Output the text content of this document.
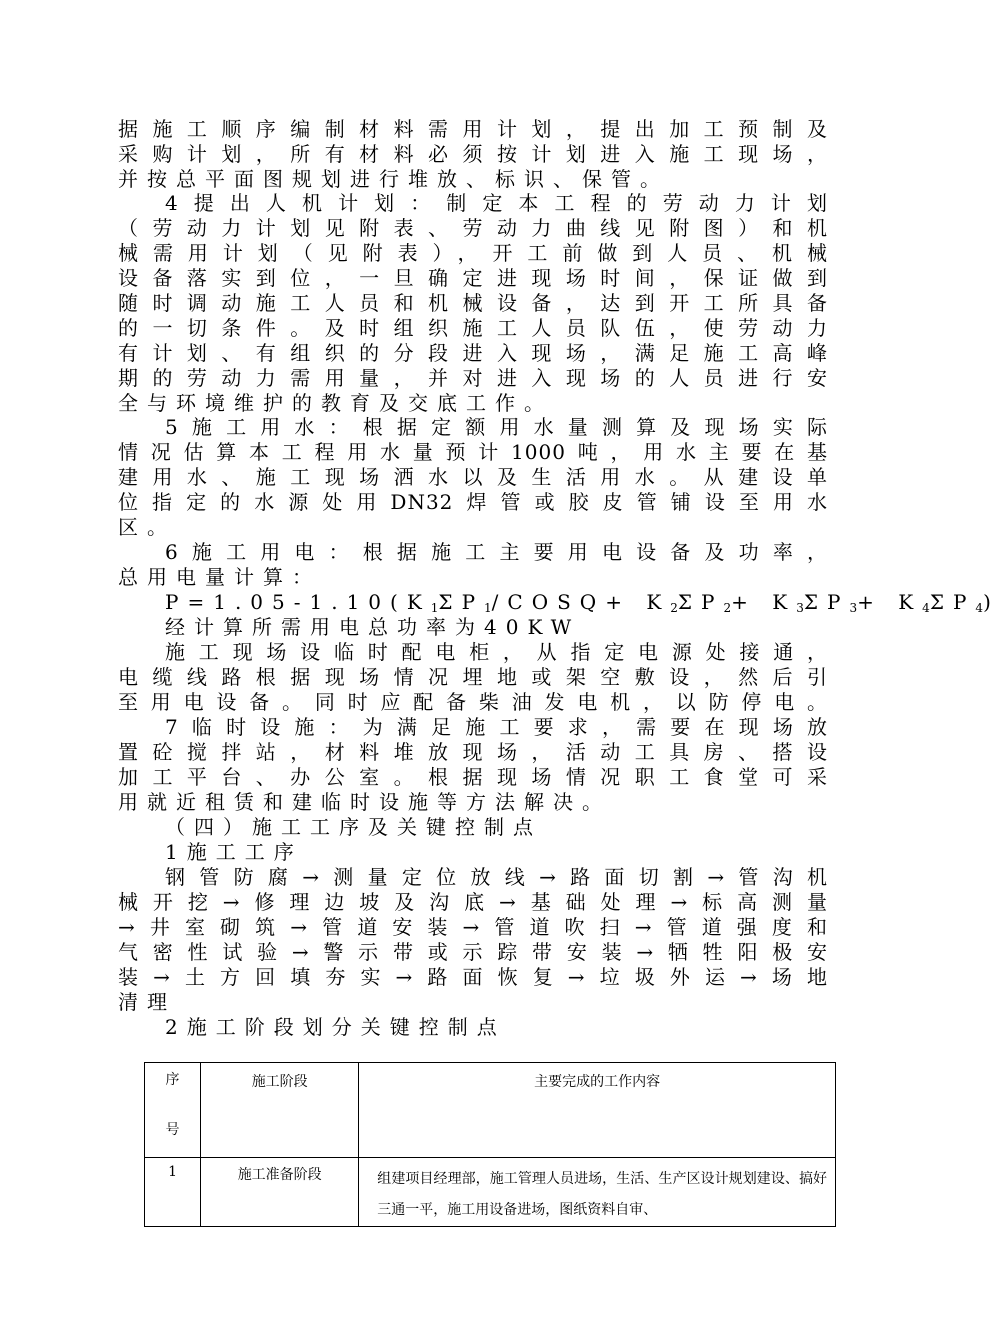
据施工顺序编制材料需用计划，提出加工预制及
采购计划，所有材料必须按计划进入施工现场，
并按总平面图规划进行堆放、标识、保管。
4提出人机计划：制定本工程的劳动力计划
（劳动力计划见附表、劳动力曲线见附图）和机
械需用计划（见附表），开工前做到人员、机械
设备落实到位，一旦确定进现场时间，保证做到
随时调动施工人员和机械设备，达到开工所具备
的一切条件。及时组织施工人员队伍，使劳动力
有计划、有组织的分段进入现场，满足施工高峰
期的劳动力需用量，并对进入现场的人员进行安
全与环境维护的教育及交底工作。
5施工用水：根据定额用水量测算及现场实际
情况估算本工程用水量预计1000吨，用水主要在基
建用水、施工现场洒水以及生活用水。从建设单
位指定的水源处用DN32焊管或胶皮管铺设至用水
区。
6施工用电：根据施工主要用电设备及功率，
总用电量计算：
$P=1.05-1.10(K_1\Sigma P_1/COSQ+ K_2\Sigma P_2+ K_3\Sigma P_3+ K_4\Sigma P_4)$
经计算所需用电总功率为40KW
施工现场设临时配电柜，从指定电源处接通，
电缆线路根据现场情况埋地或架空敷设，然后引
至用电设备。同时应配备柴油发电机，以防停电。
7临时设施：为满足施工要求，需要在现场放
置砼搅拌站，材料堆放现场，活动工具房、搭设
加工平台、办公室。根据现场情况职工食堂可采
用就近租赁和建临时设施等方法解决。
（四）施工工序及关键控制点
1施工工序
钢管防腐→测量定位放线→路面切割→管沟机
械开挖→修理边坡及沟底→基础处理→标高测量
→井室砌筑→管道安装→管道吹扫→管道强度和
气密性试验→警示带或示踪带安装→牺牲阳极安
装→土方回填夯实→路面恢复→垃圾外运→场地
清理
2施工阶段划分关键控制点
序
号	施工阶段	主要完成的工作内容
1	施工准备阶段	组建项目经理部，施工管理人员进场，生活、生产区设计规划建设、搞好三通一平，施工用设备进场，图纸资料自审、
